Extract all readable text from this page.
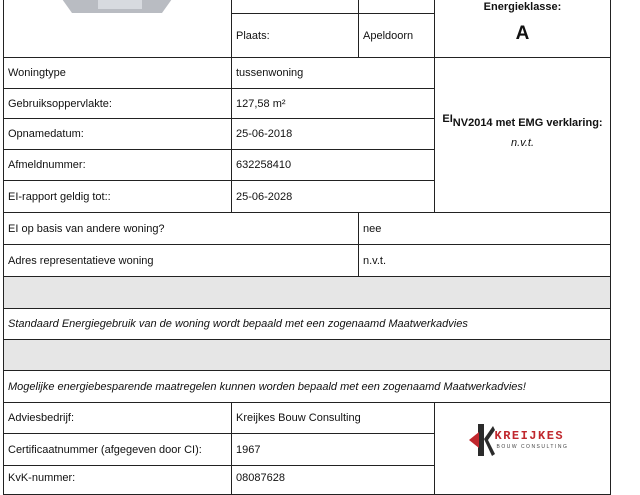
Energieklasse:
A
Plaats:	Apeldoorn
Woningtype	tussenwoning
Gebruiksoppervlakte:	127,58 m²
Opnamedatum:	25-06-2018
Afmeldnummer:	632258410
EI-rapport geldig tot::	25-06-2028
EINV2014 met EMG verklaring:
n.v.t.
EI op basis van andere woning?	nee
Adres representatieve woning	n.v.t.
Standaard Energiegebruik van de woning wordt bepaald met een zogenaamd Maatwerkadvies
Mogelijke energiebesparende maatregelen kunnen worden bepaald met een zogenaamd Maatwerkadvies!
Adviesbedrijf:	Kreijkes Bouw Consulting
Certificaatnummer (afgegeven door CI):	1967
KvK-nummer:	08087628
KREIJKES
BOUW CONSULTING
